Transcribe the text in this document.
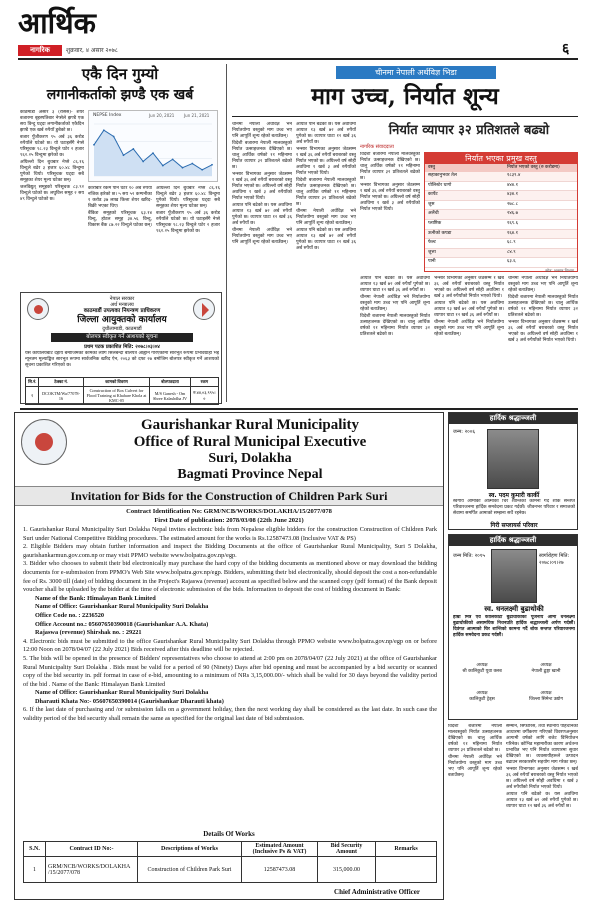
आर्थिक
नागरिक	शुक्रवार, ४ असार २०७८	६
एकै दिन गुम्यो
लगानीकर्ताको झण्डै एक खर्ब

काठमाडौं असार ३ (रासस)- शेयर बजारमा बृहस्पतिबार नेप्सेले झण्डै एक सय विन्दु घट्दा लगानीकर्ताको एकैदिन झण्डै एक खर्ब रुपैयाँ डुबेको छ।

बजार पुँजीकरण ९५ अर्ब ३६ करोड रुपैयाँले घटेको छ। यो घटाइसँगै नेप्से परिसूचक ९८.२३ विन्दुले घटेर २ हजार ९६२.२५ विन्दुमा झरेको छ।

अघिल्लो दिन बुधबार नेप्से ८६.१६ विन्दुले बढेर ३ हजार ६०.४८ विन्दुमा पुगेको थियो। परिसूचक घट्दा सबै समूहका शेयर मूल्य घटेका छन्।

जलविद्युत् समूहको परिसूचक ८३.९२ विन्दुले घटेको छ। लघुवित्त समूह २ सय ४९ विन्दुले घटेको छ।

NEPSE Index	Jun 20, 2021 Jun 21, 2021

कारोबार रकम पनि घटेर १० अर्ब रुपैयाँ नजिक झरेको छ। ५ सय ५२ कम्पनीका १ करोड ३७ लाख कित्ता शेयर खरिद-बिक्री भएका थिए।

बैंकिङ समूहको परिसूचक ६३.१४ विन्दु, होटल समूह ३४.५६ विन्दु, विकास बैंक ८७.२२ विन्दुले घटेका छन्।

अघिल्लो दिन बुधबार नेप्से ८६.१६ विन्दुले बढेर ३ हजार ६०.४८ विन्दुमा पुगेको थियो। परिसूचक घट्दा सबै समूहका शेयर मूल्य घटेका छन्।

बजार पुँजीकरण ९५ अर्ब ३६ करोड रुपैयाँले घटेको छ। यो घटाइसँगै नेप्से परिसूचक ९८.२३ विन्दुले घटेर २ हजार ९६२.२५ विन्दुमा झरेको छ।

चीनमा नेपाली अर्थविज्ञ भिडा
माग उच्च, निर्यात शून्य

चीनमा नेपाली अर्थविज्ञ भने निर्यातयोग्य वस्तुको माग उच्च भए पनि आपूर्ति शून्य रहेको बताउँछन्।

विदेशी बजारमा नेपाली मालवस्तुको निर्यात उत्साहजनक देखिएको छ। चालु आर्थिक वर्षको ११ महिनामा निर्यात व्यापार ३२ प्रतिशतले बढेको छ।

भन्सार विभागका अनुसार जेठसम्म १ खर्ब ३६ अर्ब रुपैयाँ बराबरको वस्तु निर्यात भएको छ। अघिल्लो वर्ष सोही अवधिमा १ खर्ब ३ अर्ब रुपैयाँको निर्यात भएको थियो।

आयात पनि बढेको छ। यस अवधिमा आयात १३ खर्ब ७२ अर्ब रुपैयाँ पुगेको छ। व्यापार घाटा १२ खर्ब ३६ अर्ब रुपैयाँ छ।

चीनमा नेपाली अर्थविज्ञ भने निर्यातयोग्य वस्तुको माग उच्च भए पनि आपूर्ति शून्य रहेको बताउँछन्।

आयात पनि बढेको छ। यस अवधिमा आयात १३ खर्ब ७२ अर्ब रुपैयाँ पुगेको छ। व्यापार घाटा १२ खर्ब ३६ अर्ब रुपैयाँ छ।

भन्सार विभागका अनुसार जेठसम्म १ खर्ब ३६ अर्ब रुपैयाँ बराबरको वस्तु निर्यात भएको छ। अघिल्लो वर्ष सोही अवधिमा १ खर्ब ३ अर्ब रुपैयाँको निर्यात भएको थियो।

विदेशी बजारमा नेपाली मालवस्तुको निर्यात उत्साहजनक देखिएको छ। चालु आर्थिक वर्षको ११ महिनामा निर्यात व्यापार ३२ प्रतिशतले बढेको छ।

चीनमा नेपाली अर्थविज्ञ भने निर्यातयोग्य वस्तुको माग उच्च भए पनि आपूर्ति शून्य रहेको बताउँछन्।

आयात पनि बढेको छ। यस अवधिमा आयात १३ खर्ब ७२ अर्ब रुपैयाँ पुगेको छ। व्यापार घाटा १२ खर्ब ३६ अर्ब रुपैयाँ छ।

निर्यात व्यापार ३२ प्रतिशतले बढ्यो
नागरिक संवाददाता

विदेशी बजारमा नेपाली मालवस्तुको निर्यात उत्साहजनक देखिएको छ। चालु आर्थिक वर्षको ११ महिनामा निर्यात व्यापार ३२ प्रतिशतले बढेको छ।

भन्सार विभागका अनुसार जेठसम्म १ खर्ब ३६ अर्ब रुपैयाँ बराबरको वस्तु निर्यात भएको छ। अघिल्लो वर्ष सोही अवधिमा १ खर्ब ३ अर्ब रुपैयाँको निर्यात भएको थियो।

निर्यात भएका प्रमुख वस्तु
वस्तु	निर्यात भएको वस्तु (रु करोडमा)
सहाकानुभवर तेल	१८३९.४
पोलिस्टेर धागो	४४४.१
कार्पेट	४३४.१
जुस	२७८.८
अलैंची	२४६.७
प्लाष्टिक	१६९.६
ऊनीको कपडा	१६४.१
फेल्ट	६८.९
जुत्ता	८४.९
पानी	६३.६
स्रोत: भन्सार विभाग

आयात पनि बढेको छ। यस अवधिमा आयात १३ खर्ब ७२ अर्ब रुपैयाँ पुगेको छ। व्यापार घाटा १२ खर्ब ३६ अर्ब रुपैयाँ छ।

चीनमा नेपाली अर्थविज्ञ भने निर्यातयोग्य वस्तुको माग उच्च भए पनि आपूर्ति शून्य रहेको बताउँछन्।

विदेशी बजारमा नेपाली मालवस्तुको निर्यात उत्साहजनक देखिएको छ। चालु आर्थिक वर्षको ११ महिनामा निर्यात व्यापार ३२ प्रतिशतले बढेको छ।

भन्सार विभागका अनुसार जेठसम्म १ खर्ब ३६ अर्ब रुपैयाँ बराबरको वस्तु निर्यात भएको छ। अघिल्लो वर्ष सोही अवधिमा १ खर्ब ३ अर्ब रुपैयाँको निर्यात भएको थियो।

आयात पनि बढेको छ। यस अवधिमा आयात १३ खर्ब ७२ अर्ब रुपैयाँ पुगेको छ। व्यापार घाटा १२ खर्ब ३६ अर्ब रुपैयाँ छ।

चीनमा नेपाली अर्थविज्ञ भने निर्यातयोग्य वस्तुको माग उच्च भए पनि आपूर्ति शून्य रहेको बताउँछन्।

चीनमा नेपाली अर्थविज्ञ भने निर्यातयोग्य वस्तुको माग उच्च भए पनि आपूर्ति शून्य रहेको बताउँछन्।

विदेशी बजारमा नेपाली मालवस्तुको निर्यात उत्साहजनक देखिएको छ। चालु आर्थिक वर्षको ११ महिनामा निर्यात व्यापार ३२ प्रतिशतले बढेको छ।

भन्सार विभागका अनुसार जेठसम्म १ खर्ब ३६ अर्ब रुपैयाँ बराबरको वस्तु निर्यात भएको छ। अघिल्लो वर्ष सोही अवधिमा १ खर्ब ३ अर्ब रुपैयाँको निर्यात भएको थियो।

नेपाल सरकार
अर्थ मन्त्रालय
काठमाडौं उपत्यका नियन्त्रण प्राधिकरण
जिल्ला आयुक्तको कार्यालय
दुधौलामाडी, काठमाडौं
बोलपत्र स्वीकृत गर्ने आशयको सूचना
प्रथम पटक प्रकाशित मिति: २०७८।०३।०४
यस कार्यालयबाट देहाय बमोजिमको कामका लागि सिलबन्दी बोलपत्र आह्वान गरिएकोमा सारभूत रूपमा प्रभावग्राही भई न्यूनतम मूल्याङ्कित सारभूत रूपमा सार्वजनिक खरिद ऐन, २०६३ को दफा २७ बमोजिम बोलपत्र स्वीकृत गर्ने आशयको सूचना प्रकाशित गरिएको छ।
सि.नं.	ठेक्का नं.	कामको विवरण	बोलपत्रदाता	रकम
१	DCOKTM/Wa/77078-16	Construction of Box Culvert for Flood Training at Khahare Khola at KMC-05	M/S Ganesh - Om Shree Kalashdha JV	रु.४४,०३,९९५।०
Gaurishankar Rural Municipality
Office of Rural Municipal Executive
Suri, Dolakha
Bagmati Province Nepal
Invitation for Bids for the Construction of Children Park Suri
Contract Identification No: GRM/NCB/WORKS/DOLAKHA/15/2077/078
First Date of publication: 2078/03/08 (22th June 2021)
1. Gaurishankar Rural Municipality Suri Dolakha Nepal invites electronic bids from Nepalese eligible bidders for the construction Construction of Children Park Suri under National Competitive Bidding procedures. The estimated amount for the works is Rs.12587473.08 (Inclusive VAT & PS)
2. Eligible Bidders may obtain further information and inspect the Bidding Documents at the office of Gaurishankar Rural Municipality, Suri 5 Dolakha, gaurishankarmun.gov.com.np or may visit PPMO website www.bolpatra.gov.np/egp.
3. Bidder who chooses to submit their bid electronically may purchase the hard copy of the bidding documents as mentioned above or may download the bidding documents for e-submission from PPMO's Web Site www.bolpatra.gov.np/egp. Bidders, submitting their bid electronically, should deposit the cost a non-refundable fee of Rs. 3000 till (date) of bidding document in the Project's Rajaswa (revenue) account as specified below and the scanned copy (pdf format) of the Bank deposit voucher shall be uploaded by the bidder at the time of electronic submission of the bids. Information to deposit the cost of bidding document in Bank:
Name of the Bank: Himalayan Bank Limited
Name of Office: Gaurishankar Rural Municipality Suri Dolakha
Office Code no. : 2236520
Office Account no.: 05607650390018 (Gaurishankar A.A. Khata)
Rajaswa (revenue) Shirshak no. : 29221
4. Electronic bids must be submitted to the office Gaurishankar Rural Municipality Suri Dolakha through PPMO website www.bolpatra.gov.np/egp on or before 12:00 Noon on 2078/04/07 (22 July 2021) Bids received after this deadline will be rejected.
5. The bids will be opened in the presence of Bidders' representatives who choose to attend at 2:00 pm on 2078/04/07 (22 July 2021) at the office of Gaurishankar Rural Municipality Suri Dolakha . Bids must be valid for a period of 90 (Ninety) Days after bid opening and must be accompanied by a bid security or scanned copy of the bid security in. pdf format in case of e-bid, amounting to a minimum of NRs 3,15,000.00/- which shall be valid for 30 days beyond the validity period of the bid . Name of the Bank: Himalayan Bank Limited
Name of Office: Gaurishankar Rural Municipality Suri Dolakha
Dharauti Khata No:- 05607650390014 (Gaurishankar Dharauti khata)
6. If the last date of purchasing and /or submission falls on a government holiday, then the next working day shall be considered as the last date. In such case the validity period of the bid security shall remain the same as specified for the original last date of bid submission.
Details Of Works
S.N.	Contract ID No:-	Descriptions of Works	Estimated Amount (Inclusive Ps & VAT)	Bid Security Amount	Remarks
1	GRM/NCB/WORKS/DOLAKHA /15/2077/078	Construction of Children Park Suri	12587473.08	315,000.00	
Chief Administrative Officer
हार्दिक श्रद्धाञ्जली
जन्म: २००६
स्व. पदम कुमारी कार्की
स्वर्गीय आमाको आत्माको चिर शान्तिको कामना गर्दै शोक सन्तप्त परिवारजनमा हार्दिक समवेदना प्रकट गर्दछौं। जीवनभर परिवार र समाजको सेवामा समर्पित आमाको सम्झना सधैं रहनेछ।
गिरी सप्लायर्स परिवार
हार्दिक श्रद्धाञ्जली
जन्म मिति: २०१५	स्वर्गारोहण मिति: २०७८।०१।२७
स्व. धनलक्ष्मी बुढाथोकी
हाम्रा मित्र एवं कालिकोटी बुढाथोकीका पूजनीय आमा धनलक्ष्मी बुढाथोकीको असामयिक निधनप्रति हार्दिक श्रद्धाञ्जली अर्पण गर्दछौं। दिवंगत आत्माको चिर शान्तिको कामना गर्दै शोक सन्तप्त परिवारजनमा हार्दिक समवेदना प्रकट गर्दछौं।
अध्यक्ष
श्री कालिकुटी युवा क्लब
अध्यक्ष
नेपाली ढुङ्गा खानी
अध्यक्ष
कालिकुटी ट्रेड्स
अध्यक्ष
जिल्ला सिमेन्ट उद्योग

सम्मान, सिफारिस, तथा स्थानीय पहिचानको आधारमा वर्गीकरण गरिएको विवरणअनुसार आगामी वर्षको लागि बजेट विनियोजन गरिनेछ। कोभिड महामारीका कारण अर्थतन्त्र प्रभावित भए पनि निर्यात व्यापारमा सुधार देखिएको छ। व्यवसायीहरूले उत्पादन बढाउन सरकारसँग सहयोग माग गरेका छन्।

भन्सार विभागका अनुसार जेठसम्म १ खर्ब ३६ अर्ब रुपैयाँ बराबरको वस्तु निर्यात भएको छ। अघिल्लो वर्ष सोही अवधिमा १ खर्ब ३ अर्ब रुपैयाँको निर्यात भएको थियो।

आयात पनि बढेको छ। यस अवधिमा आयात १३ खर्ब ७२ अर्ब रुपैयाँ पुगेको छ। व्यापार घाटा १२ खर्ब ३६ अर्ब रुपैयाँ छ।

विदेशी बजारमा नेपाली मालवस्तुको निर्यात उत्साहजनक देखिएको छ। चालु आर्थिक वर्षको ११ महिनामा निर्यात व्यापार ३२ प्रतिशतले बढेको छ।

चीनमा नेपाली अर्थविज्ञ भने निर्यातयोग्य वस्तुको माग उच्च भए पनि आपूर्ति शून्य रहेको बताउँछन्।
